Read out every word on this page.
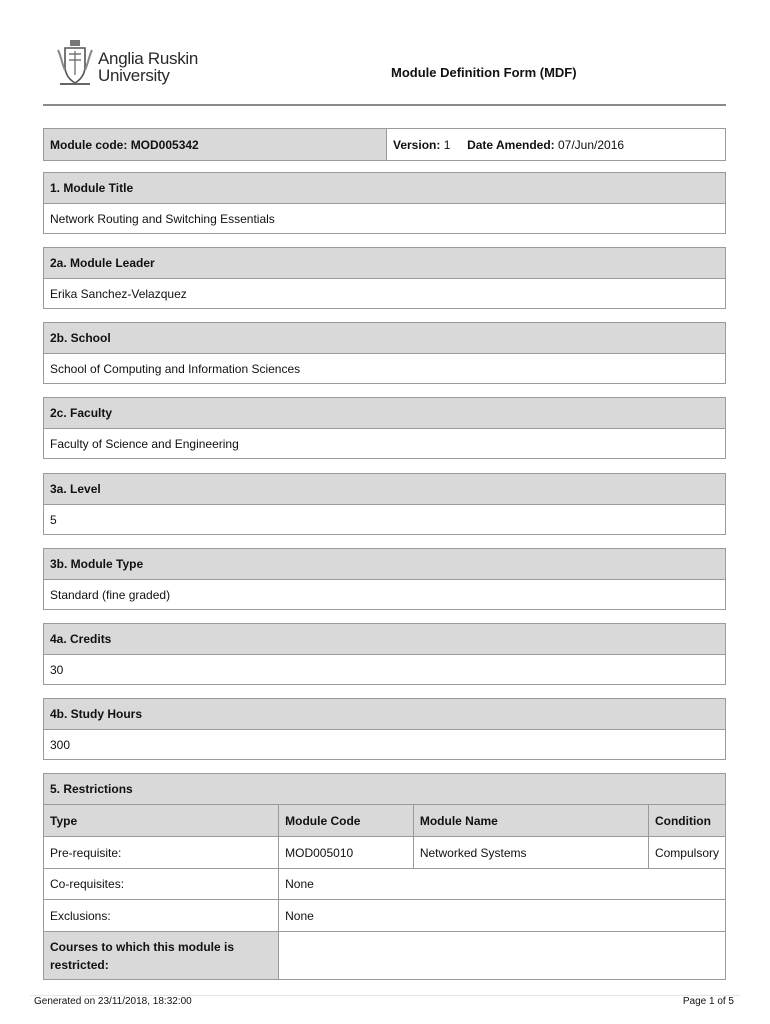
Anglia Ruskin
University	Module Definition Form (MDF)
Module code: MOD005342	Version: 1 Date Amended: 07/Jun/2016
1. Module Title
Network Routing and Switching Essentials
2a. Module Leader
Erika Sanchez-Velazquez
2b. School
School of Computing and Information Sciences
2c. Faculty
Faculty of Science and Engineering
3a. Level
5
3b. Module Type
Standard (fine graded)
4a. Credits
30
4b. Study Hours
300
5. Restrictions			
Type	Module Code	Module Name	Condition
Pre-requisite:	MOD005010	Networked Systems	Compulsory
Co-requisites:	None		
Exclusions:	None		
Courses to which this module is restricted:			
Generated on 23/11/2018, 18:32:00	Page 1 of 5
